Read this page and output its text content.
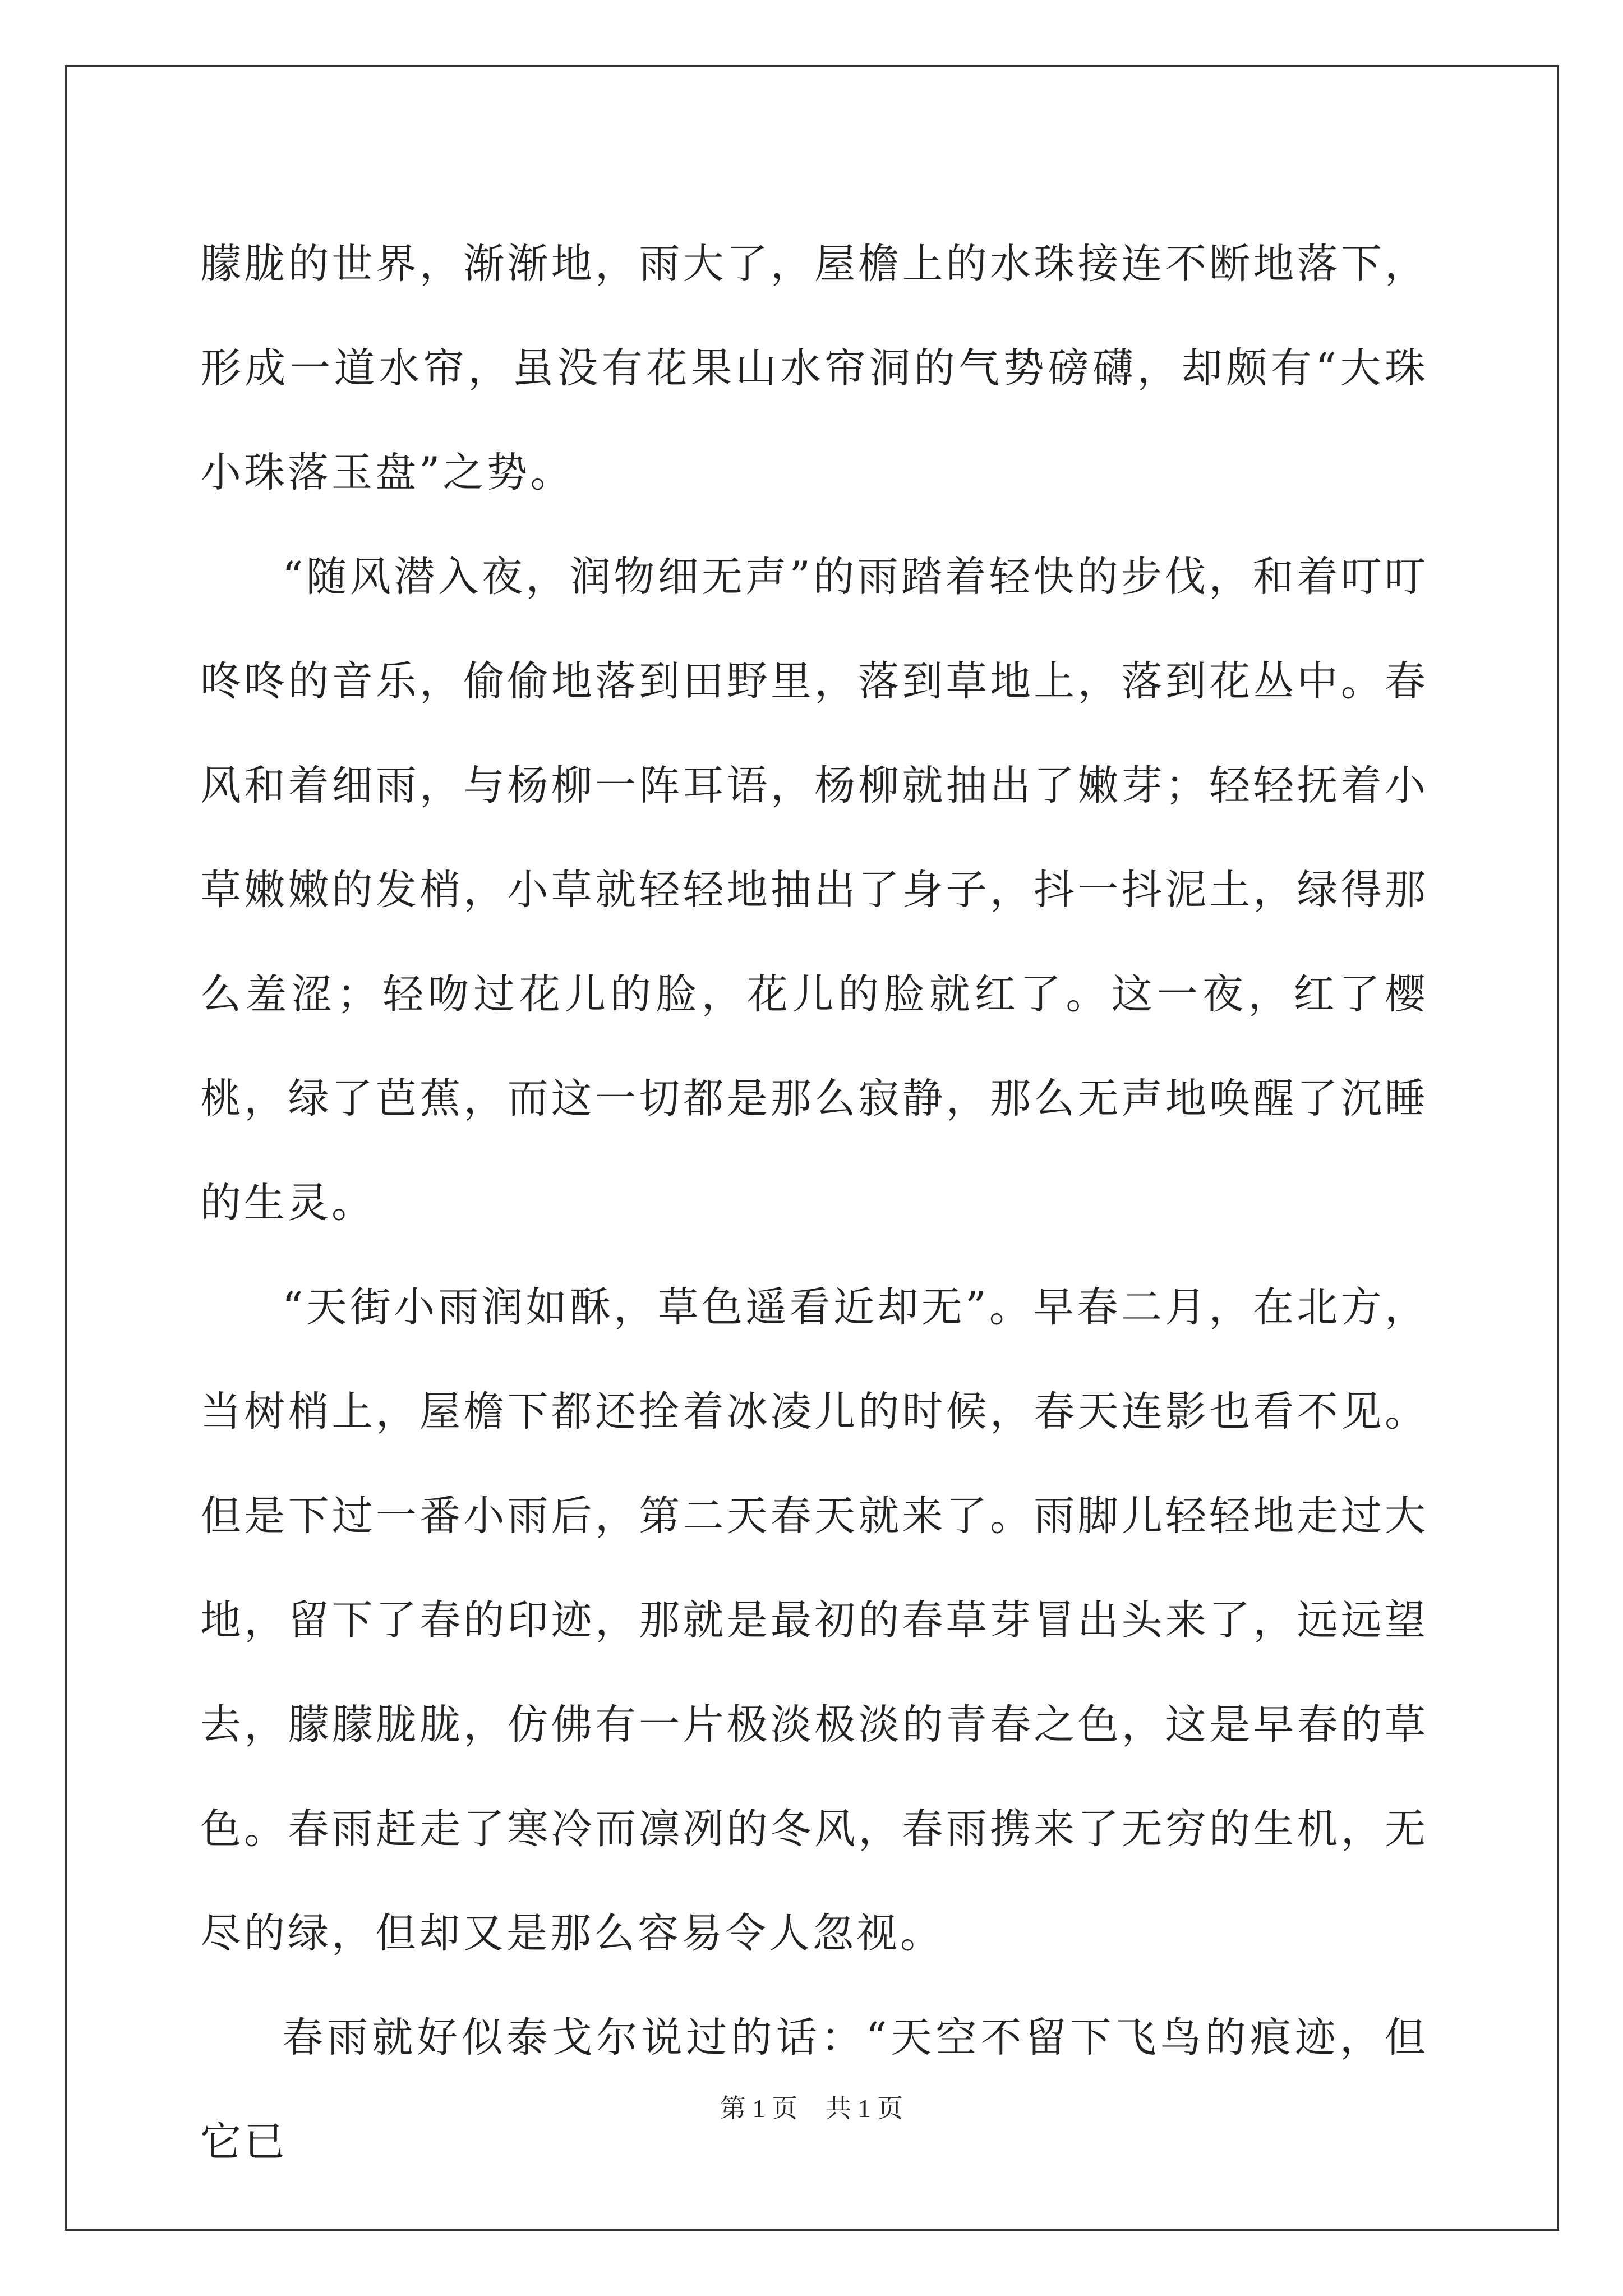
朦胧的世界，渐渐地，雨大了，屋檐上的水珠接连不断地落下，形成一道水帘，虽没有花果山水帘洞的气势磅礴，却颇有“大珠小珠落玉盘”之势。

“随风潜入夜，润物细无声”的雨踏着轻快的步伐，和着叮叮咚咚的音乐，偷偷地落到田野里，落到草地上，落到花丛中。春风和着细雨，与杨柳一阵耳语，杨柳就抽出了嫩芽；轻轻抚着小草嫩嫩的发梢，小草就轻轻地抽出了身子，抖一抖泥土，绿得那么羞涩；轻吻过花儿的脸，花儿的脸就红了。这一夜，红了樱桃，绿了芭蕉，而这一切都是那么寂静，那么无声地唤醒了沉睡的生灵。

“天街小雨润如酥，草色遥看近却无”。早春二月，在北方，当树梢上，屋檐下都还拴着冰凌儿的时候，春天连影也看不见。但是下过一番小雨后，第二天春天就来了。雨脚儿轻轻地走过大地，留下了春的印迹，那就是最初的春草芽冒出头来了，远远望去，朦朦胧胧，仿佛有一片极淡极淡的青春之色，这是早春的草色。春雨赶走了寒冷而凛冽的冬风，春雨携来了无穷的生机，无尽的绿，但却又是那么容易令人忽视。

春雨就好似泰戈尔说过的话：“天空不留下飞鸟的痕迹，但它已

第 1 页 共 1 页
